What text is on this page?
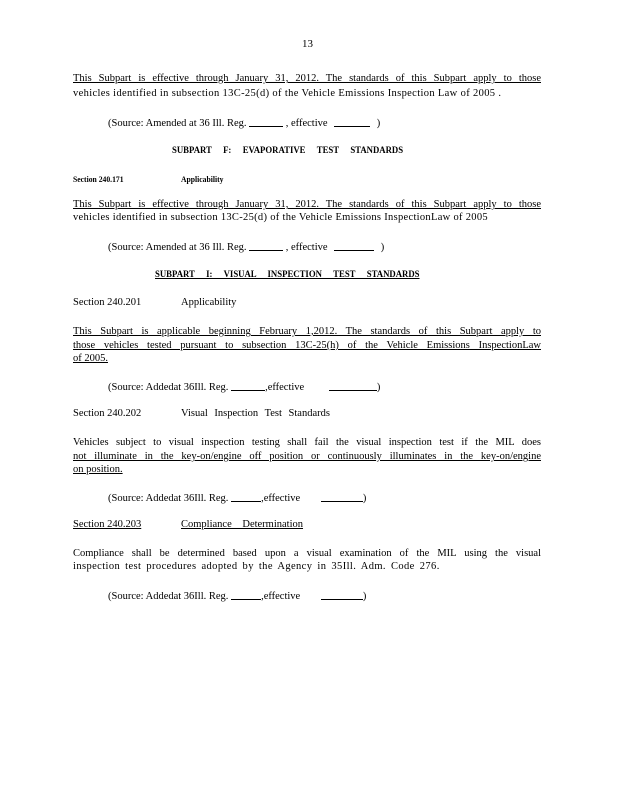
13
This Subpart is effective through January 31, 2012. The standards of this Subpart apply to those
vehicles identified in subsection 13C-25(d) of the Vehicle Emissions Inspection Law of 2005 .
(Source: Amended at 36 Ill. Reg.	, effective	)
SUBPART F: EVAPORATIVE TEST STANDARDS
Section 240.171	Applicability
This Subpart is effective through January 31, 2012. The standards of this Subpart apply to those
vehicles identified in subsection 13C-25(d) of the Vehicle Emissions InspectionLaw of 2005
(Source: Amended at 36 Ill. Reg.	, effective	)
SUBPART I: VISUAL INSPECTION TEST STANDARDS
Section 240.201	Applicability
This Subpart is applicable beginning February 1,2012. The standards of this Subpart apply to
those vehicles tested pursuant to subsection 13C-25(h) of the Vehicle Emissions InspectionLaw
of 2005.
(Source: Addedat 36Ill. Reg.	,effective	)
Section 240.202	Visual Inspection Test Standards
Vehicles subject to visual inspection testing shall fail the visual inspection test if the MIL does
not illuminate in the key-on/engine off position or continuously illuminates in the key-on/engine
on position.
(Source: Addedat 36Ill. Reg.	,effective	)
Section 240.203	Compliance Determination
Compliance shall be determined based upon a visual examination of the MIL using the visual
inspection test procedures adopted by the Agency in 35Ill. Adm. Code 276.
(Source: Addedat 36Ill. Reg.	,effective	)
